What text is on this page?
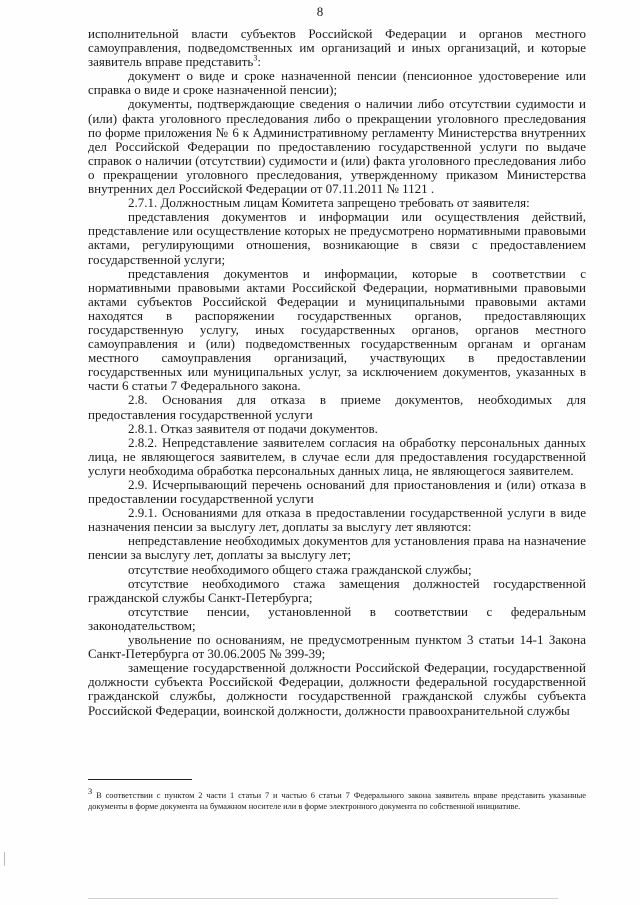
8

исполнительной власти субъектов Российской Федерации и органов местного самоуправления, подведомственных им организаций и иных организаций, и которые заявитель вправе представить$^3$:

документ о виде и сроке назначенной пенсии (пенсионное удостоверение или справка о виде и сроке назначенной пенсии);

документы, подтверждающие сведения о наличии либо отсутствии судимости и (или) факта уголовного преследования либо о прекращении уголовного преследования по форме приложения № 6 к Административному регламенту Министерства внутренних дел Российской Федерации по предоставлению государственной услуги по выдаче справок о наличии (отсутствии) судимости и (или) факта уголовного преследования либо о прекращении уголовного преследования, утвержденному приказом Министерства внутренних дел Российской Федерации от 07.11.2011 № 1121 .

2.7.1. Должностным лицам Комитета запрещено требовать от заявителя:

представления документов и информации или осуществления действий, представление или осуществление которых не предусмотрено нормативными правовыми актами, регулирующими отношения, возникающие в связи с предоставлением государственной услуги;

представления документов и информации, которые в соответствии с нормативными правовыми актами Российской Федерации, нормативными правовыми актами субъектов Российской Федерации и муниципальными правовыми актами находятся в распоряжении государственных органов, предоставляющих государственную услугу, иных государственных органов, органов местного самоуправления и (или) подведомственных государственным органам и органам местного самоуправления организаций, участвующих в предоставлении государственных или муниципальных услуг, за исключением документов, указанных в части 6 статьи 7 Федерального закона.

2.8. Основания для отказа в приеме документов, необходимых для предоставления государственной услуги

2.8.1. Отказ заявителя от подачи документов.

2.8.2. Непредставление заявителем согласия на обработку персональных данных лица, не являющегося заявителем, в случае если для предоставления государственной услуги необходима обработка персональных данных лица, не являющегося заявителем.

2.9. Исчерпывающий перечень оснований для приостановления и (или) отказа в предоставлении государственной услуги

2.9.1. Основаниями для отказа в предоставлении государственной услуги в виде назначения пенсии за выслугу лет, доплаты за выслугу лет являются:

непредставление необходимых документов для установления права на назначение пенсии за выслугу лет, доплаты за выслугу лет;

отсутствие необходимого общего стажа гражданской службы;

отсутствие необходимого стажа замещения должностей государственной гражданской службы Санкт-Петербурга;

отсутствие пенсии, установленной в соответствии с федеральным законодательством;

увольнение по основаниям, не предусмотренным пунктом 3 статьи 14-1 Закона Санкт-Петербурга от 30.06.2005 № 399-39;

замещение государственной должности Российской Федерации, государственной должности субъекта Российской Федерации, должности федеральной государственной гражданской службы, должности государственной гражданской службы субъекта Российской Федерации, воинской должности, должности правоохранительной службы

3 В соответствии с пунктом 2 части 1 статьи 7 и частью 6 статьи 7 Федерального закона заявитель вправе представить указанные документы в форме документа на бумажном носителе или в форме электронного документа по собственной инициативе.
